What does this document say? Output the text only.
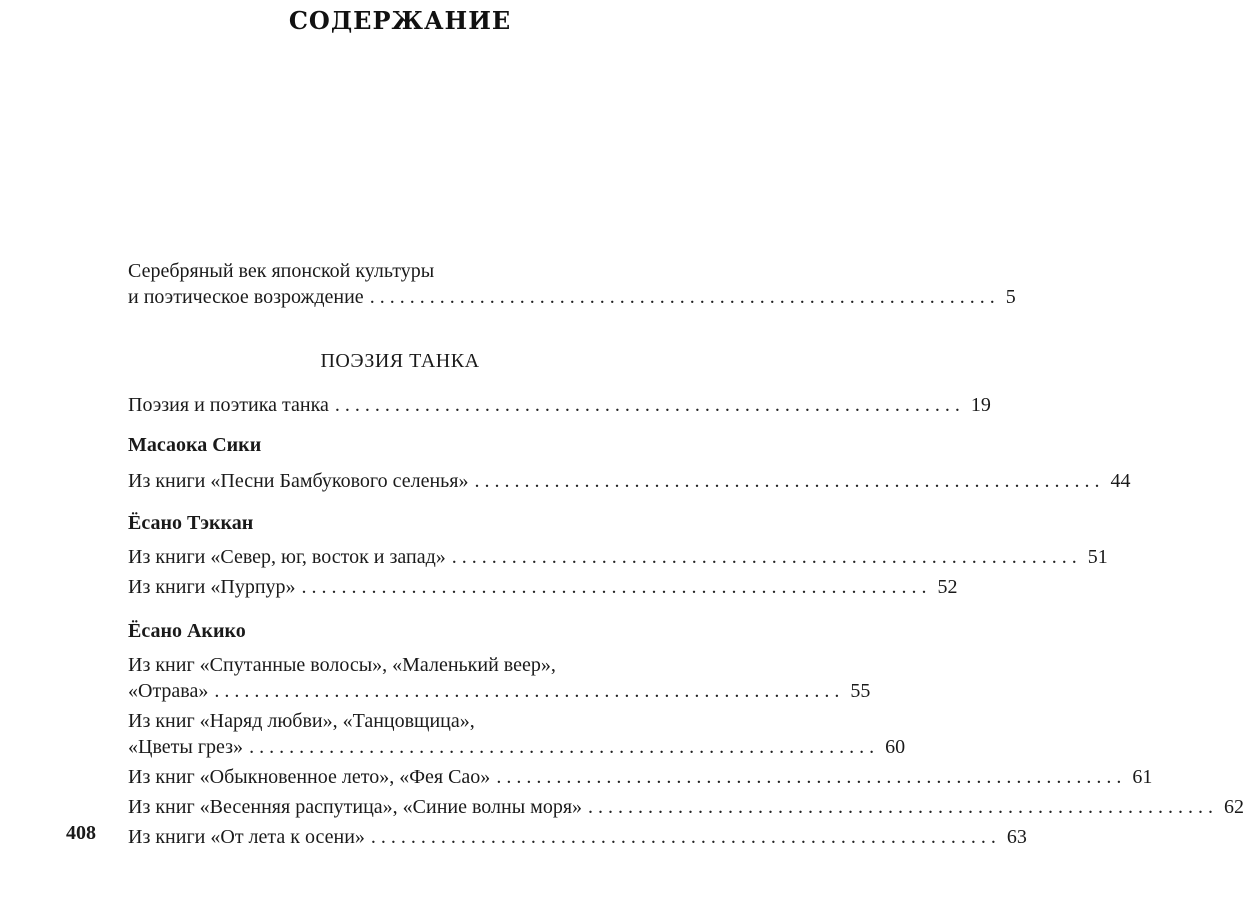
СОДЕРЖАНИЕ
Серебряный век японской культуры
и поэтическое возрождение ............................................................... 5
ПОЭЗИЯ ТАНКА
Поэзия и поэтика танка ............................................................... 19
Масаока Сики
Из книги «Песни Бамбукового селенья» ............................................................... 44
Ёсано Тэккан
Из книги «Север, юг, восток и запад» ............................................................... 51
Из книги «Пурпур» ............................................................... 52
Ёсано Акико
Из книг «Спутанные волосы», «Маленький веер»,
«Отрава» ............................................................... 55
Из книг «Наряд любви», «Танцовщица»,
«Цветы грез» ............................................................... 60
Из книг «Обыкновенное лето», «Фея Сао» ............................................................... 61
Из книг «Весенняя распутица», «Синие волны моря» ............................................................... 62
Из книги «От лета к осени» ............................................................... 63
408
